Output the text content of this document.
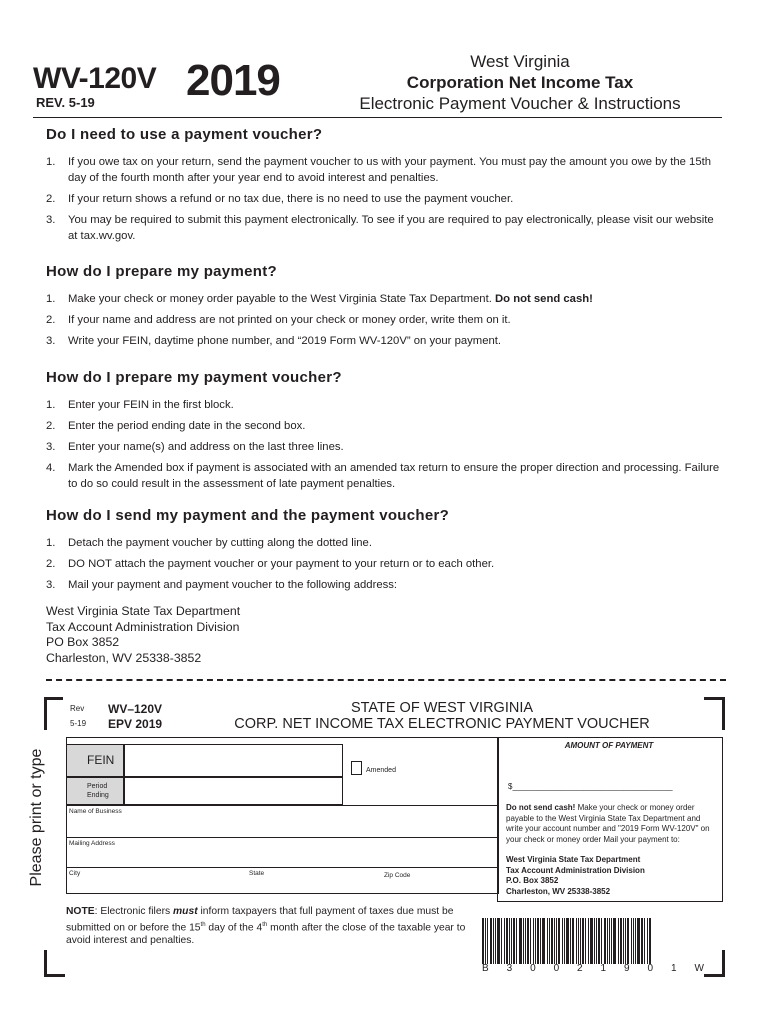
WV-120V
REV. 5-19 2019	West Virginia
Corporation Net Income Tax
Electronic Payment Voucher & Instructions
Do I need to use a payment voucher?
1. If you owe tax on your return, send the payment voucher to us with your payment. You must pay the amount you owe by the 15th day of the fourth month after your year end to avoid interest and penalties.
2. If your return shows a refund or no tax due, there is no need to use the payment voucher.
3. You may be required to submit this payment electronically. To see if you are required to pay electronically, please visit our website at tax.wv.gov.
How do I prepare my payment?
1. Make your check or money order payable to the West Virginia State Tax Department. Do not send cash!
2. If your name and address are not printed on your check or money order, write them on it.
3. Write your FEIN, daytime phone number, and “2019 Form WV-120V” on your payment.
How do I prepare my payment voucher?
1. Enter your FEIN in the first block.
2. Enter the period ending date in the second box.
3. Enter your name(s) and address on the last three lines.
4. Mark the Amended box if payment is associated with an amended tax return to ensure the proper direction and processing. Failure to do so could result in the assessment of late payment penalties.
How do I send my payment and the payment voucher?
1. Detach the payment voucher by cutting along the dotted line.
2. DO NOT attach the payment voucher or your payment to your return or to each other.
3. Mail your payment and payment voucher to the following address:
West Virginia State Tax Department
Tax Account Administration Division
PO Box 3852
Charleston, WV 25338-3852
Rev
5-19
WV–120V
EPV 2019
STATE OF WEST VIRGINIA
CORP. NET INCOME TAX ELECTRONIC PAYMENT VOUCHER
Please print or type	FEIN
Period
Ending
Amended
Name of Business
Mailing Address
City	State	Zip Code
AMOUNT OF PAYMENT
$____________________________________
Do not send cash! Make your check or money order payable to the West Virginia State Tax Department and write your account number and "2019 Form WV-120V" on your check or money order Mail your payment to:
West Virginia State Tax Department
Tax Account Administration Division
P.O. Box 3852
Charleston, WV 25338-3852
NOTE: Electronic filers must inform taxpayers that full payment of taxes due must be submitted on or before the 15th day of the 4th month after the close of the taxable year to avoid interest and penalties.
B 3 0 0 2 1 9 0 1 W
